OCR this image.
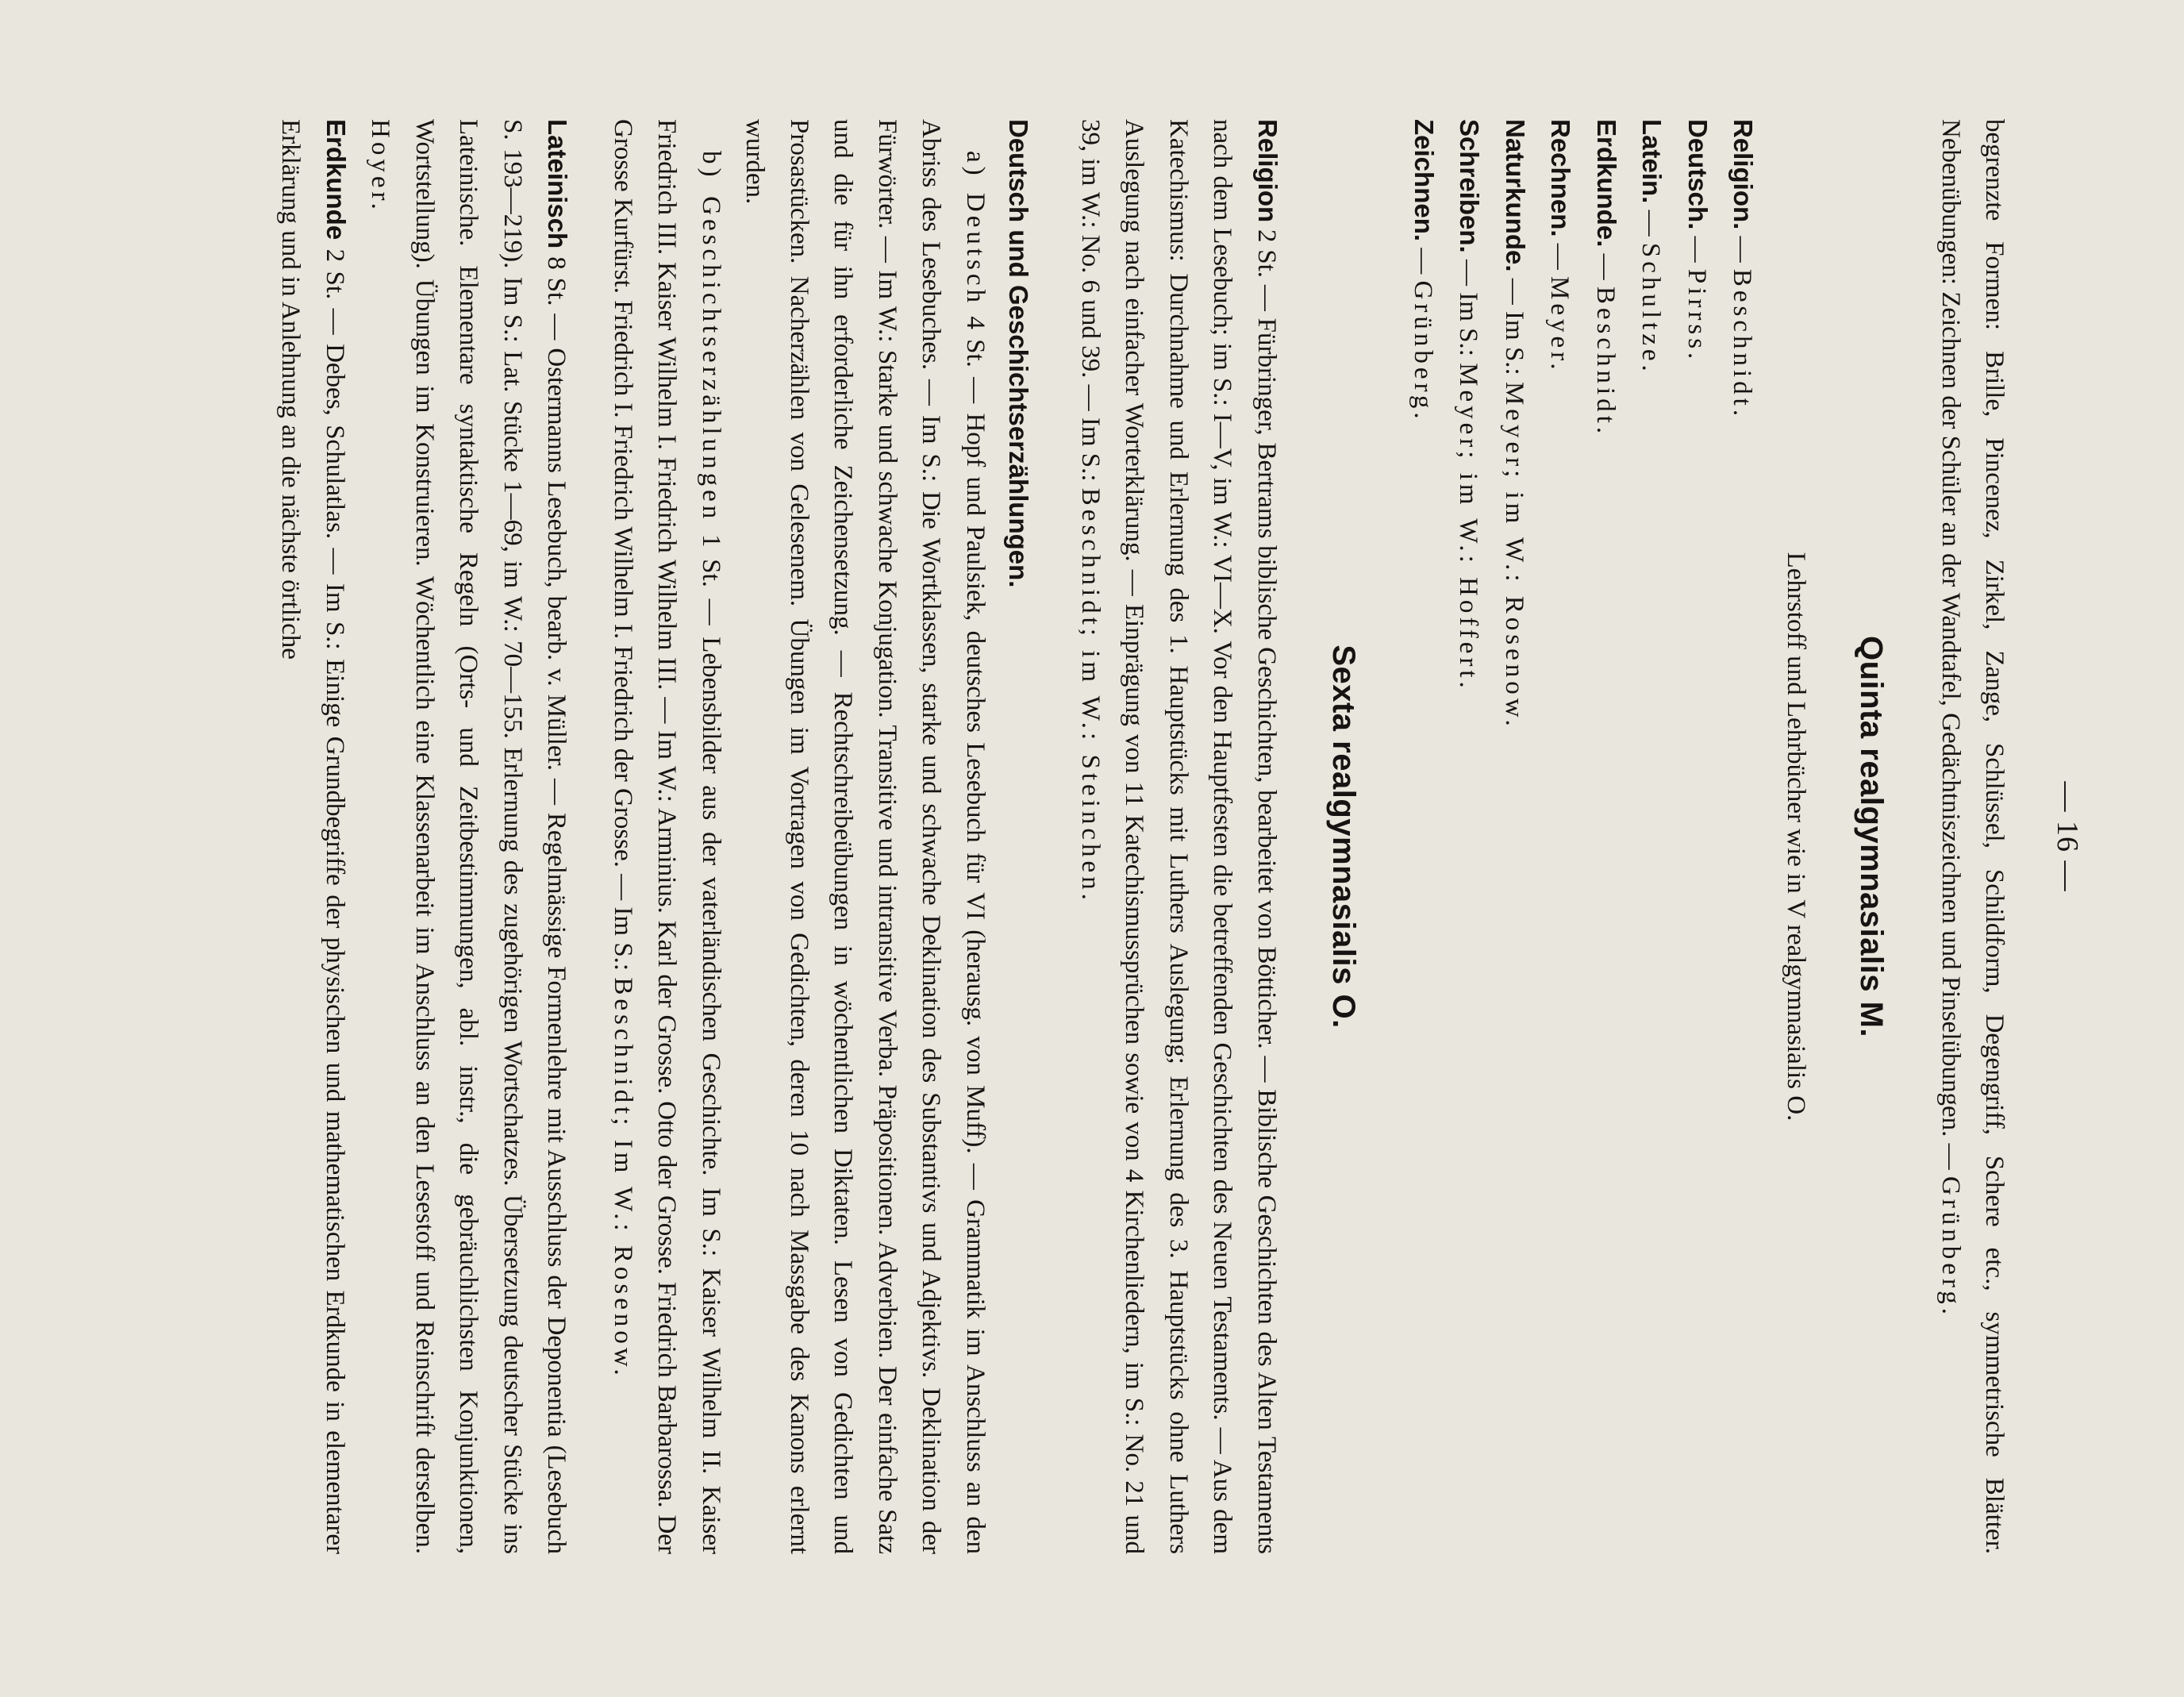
— 16 —

begrenzte Formen: Brille, Pincenez, Zirkel, Zange, Schlüssel, Schildform, Degengriff, Schere etc., symmetrische Blätter. Nebenübungen: Zeichnen der Schüler an der Wandtafel, Gedächtniszeichnen und Pinselübungen. — Grünberg.

Quinta realgymnasialis M.

Lehrstoff und Lehrbücher wie in V realgymnasialis O.

Religion. — Beschnidt.

Deutsch. — Pirrss.

Latein. — Schultze.

Erdkunde. — Beschnidt.

Rechnen. — Meyer.

Naturkunde. — Im S.: Meyer; im W.: Rosenow.

Schreiben. — Im S.: Meyer; im W.: Hoffert.

Zeichnen. — Grünberg.

Sexta realgymnasialis O.

Religion 2 St. — Fürbringer, Bertrams biblische Geschichten, bearbeitet von Bötticher. — Biblische Geschichten des Alten Testaments nach dem Lesebuch; im S.: I—V, im W.: VI—X. Vor den Hauptfesten die betreffenden Geschichten des Neuen Testaments. — Aus dem Katechismus: Durchnahme und Erlernung des 1. Hauptstücks mit Luthers Auslegung; Erlernung des 3. Hauptstücks ohne Luthers Auslegung nach einfacher Worterklärung. — Einprägung von 11 Katechismussprüchen sowie von 4 Kirchenliedern, im S.: No. 21 und 39, im W.: No. 6 und 39. — Im S.: Beschnidt; im W.: Steinchen.

Deutsch und Geschichtserzählungen.

a) Deutsch 4 St. — Hopf und Paulsiek, deutsches Lesebuch für VI (herausg. von Muff). — Grammatik im Anschluss an den Abriss des Lesebuches. — Im S.: Die Wortklassen, starke und schwache Deklination des Substantivs und Adjektivs. Deklination der Fürwörter. — Im W.: Starke und schwache Konjugation. Transitive und intransitive Verba. Präpositionen. Adverbien. Der einfache Satz und die für ihn erforderliche Zeichensetzung. — Rechtschreibeübungen in wöchentlichen Diktaten. Lesen von Gedichten und Prosastücken. Nacherzählen von Gelesenem. Übungen im Vortragen von Gedichten, deren 10 nach Massgabe des Kanons erlernt wurden.

b) Geschichtserzählungen 1 St. — Lebensbilder aus der vaterländischen Geschichte. Im S.: Kaiser Wilhelm II. Kaiser Friedrich III. Kaiser Wilhelm I. Friedrich Wilhelm III. — Im W.: Arminius. Karl der Grosse. Otto der Grosse. Friedrich Barbarossa. Der Grosse Kurfürst. Friedrich I. Friedrich Wilhelm I. Friedrich der Grosse. — Im S.: Beschnidt; Im W.: Rosenow.

Lateinisch 8 St. — Ostermanns Lesebuch, bearb. v. Müller. — Regelmässige Formenlehre mit Ausschluss der Deponentia (Lesebuch S. 193—219). Im S.: Lat. Stücke 1—69, im W.: 70—155. Erlernung des zugehörigen Wortschatzes. Übersetzung deutscher Stücke ins Lateinische. Elementare syntaktische Regeln (Orts- und Zeitbestimmungen, abl. instr., die gebräuchlichsten Konjunktionen, Wortstellung). Übungen im Konstruieren. Wöchentlich eine Klassenarbeit im Anschluss an den Lesestoff und Reinschrift derselben. Hoyer.

Erdkunde 2 St. — Debes, Schulatlas. — Im S.: Einige Grundbegriffe der physischen und mathematischen Erdkunde in elementarer Erklärung und in Anlehnung an die nächste örtliche
